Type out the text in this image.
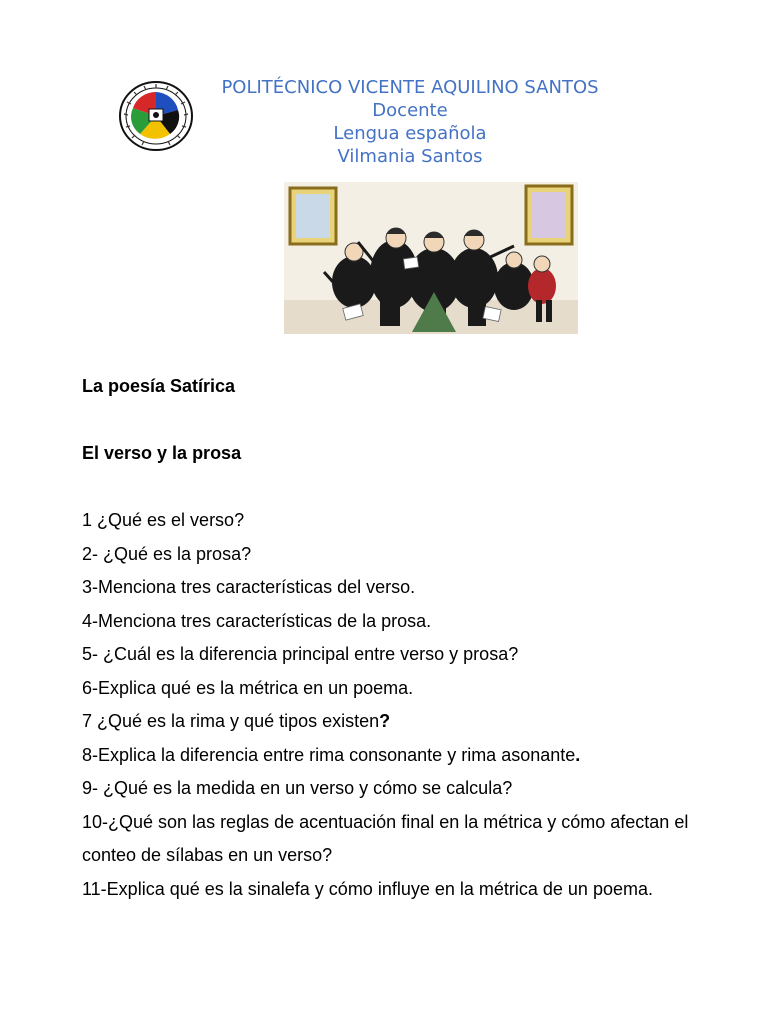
POLITÉCNICO VICENTE AQUILINO SANTOS
Docente
Lengua española
Vilmania Santos
La poesía Satírica
El verso y la prosa

1 ¿Qué es el verso?

2- ¿Qué es la prosa?

3-Menciona tres características del verso.

4-Menciona tres características de la prosa.

5- ¿Cuál es la diferencia principal entre verso y prosa?

6-Explica qué es la métrica en un poema.

7 ¿Qué es la rima y qué tipos existen?

8-Explica la diferencia entre rima consonante y rima asonante.

9- ¿Qué es la medida en un verso y cómo se calcula?

10-¿Qué son las reglas de acentuación final en la métrica y cómo afectan el conteo de sílabas en un verso?

11-Explica qué es la sinalefa y cómo influye en la métrica de un poema.
